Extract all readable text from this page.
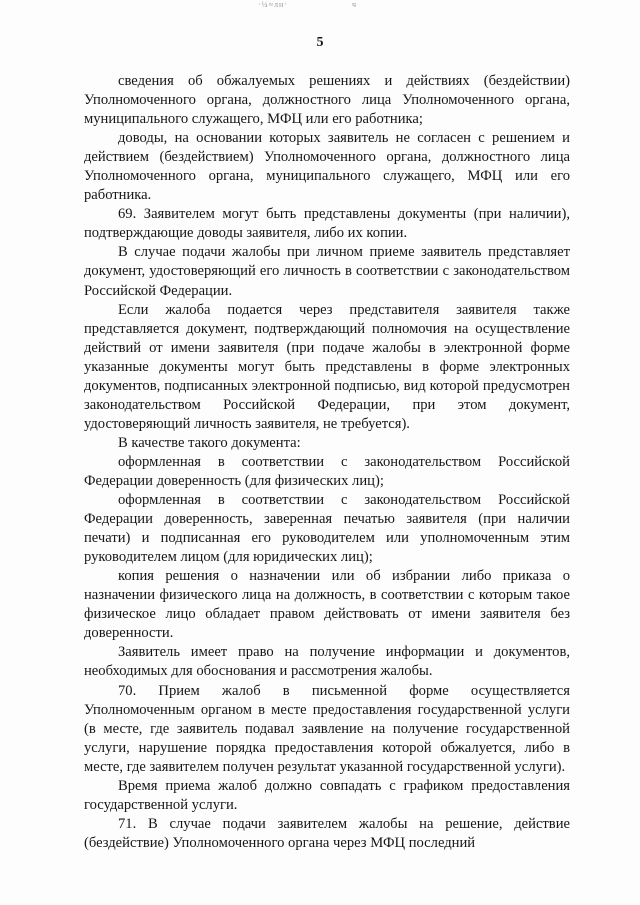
·¼≈лн·	ч
5

сведения об обжалуемых решениях и действиях (бездействии) Уполномоченного органа, должностного лица Уполномоченного органа, муниципального служащего, МФЦ или его работника;

доводы, на основании которых заявитель не согласен с решением и действием (бездействием) Уполномоченного органа, должностного лица Уполномоченного органа, муниципального служащего, МФЦ или его работника.

69. Заявителем могут быть представлены документы (при наличии), подтверждающие доводы заявителя, либо их копии.

В случае подачи жалобы при личном приеме заявитель представляет документ, удостоверяющий его личность в соответствии с законодательством Российской Федерации.

Если жалоба подается через представителя заявителя также представляется документ, подтверждающий полномочия на осуществление действий от имени заявителя (при подаче жалобы в электронной форме указанные документы могут быть представлены в форме электронных документов, подписанных электронной подписью, вид которой предусмотрен законодательством Российской Федерации, при этом документ, удостоверяющий личность заявителя, не требуется).

В качестве такого документа:

оформленная в соответствии с законодательством Российской Федерации доверенность (для физических лиц);

оформленная в соответствии с законодательством Российской Федерации доверенность, заверенная печатью заявителя (при наличии печати) и подписанная его руководителем или уполномоченным этим руководителем лицом (для юридических лиц);

копия решения о назначении или об избрании либо приказа о назначении физического лица на должность, в соответствии с которым такое физическое лицо обладает правом действовать от имени заявителя без доверенности.

Заявитель имеет право на получение информации и документов, необходимых для обоснования и рассмотрения жалобы.

70. Прием жалоб в письменной форме осуществляется Уполномоченным органом в месте предоставления государственной услуги (в месте, где заявитель подавал заявление на получение государственной услуги, нарушение порядка предоставления которой обжалуется, либо в месте, где заявителем получен результат указанной государственной услуги).

Время приема жалоб должно совпадать с графиком предоставления государственной услуги.

71. В случае подачи заявителем жалобы на решение, действие (бездействие) Уполномоченного органа через МФЦ последний
